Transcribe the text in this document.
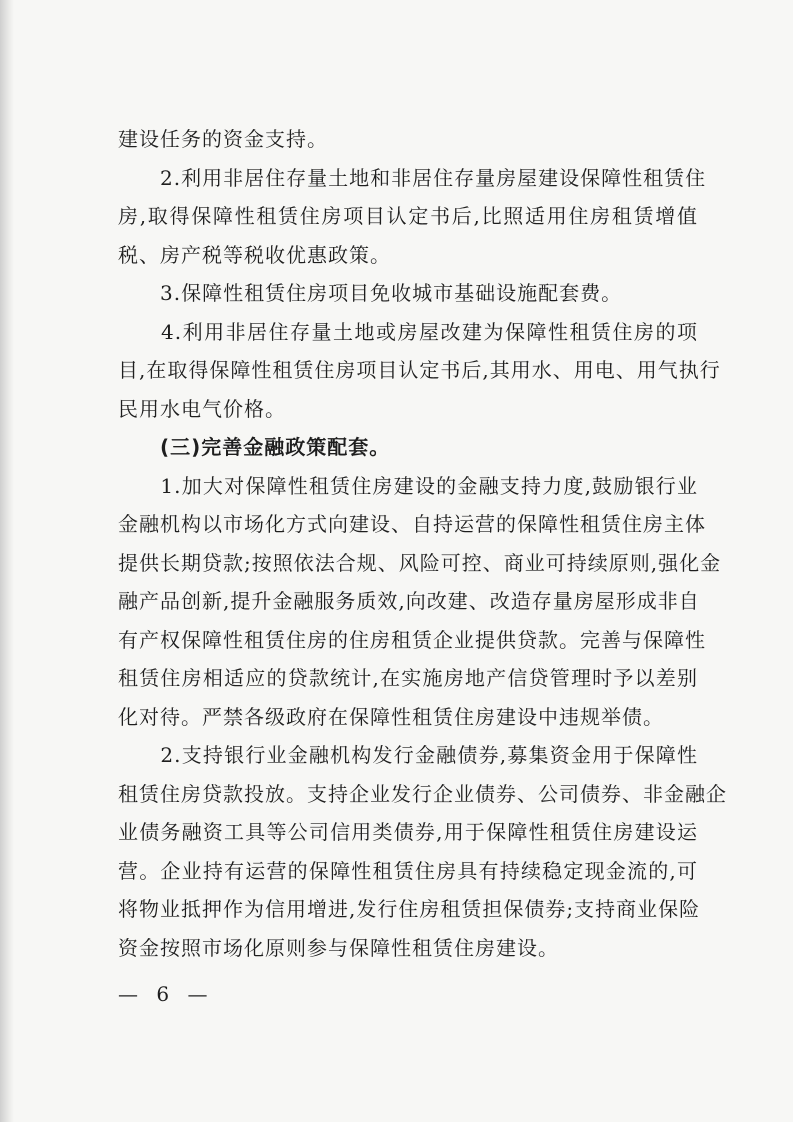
建设任务的资金支持。
　　2.利用非居住存量土地和非居住存量房屋建设保障性租赁住
房,取得保障性租赁住房项目认定书后,比照适用住房租赁增值
税、房产税等税收优惠政策。
　　3.保障性租赁住房项目免收城市基础设施配套费。
　　4.利用非居住存量土地或房屋改建为保障性租赁住房的项
目,在取得保障性租赁住房项目认定书后,其用水、用电、用气执行
民用水电气价格。
　　(三)完善金融政策配套。
　　1.加大对保障性租赁住房建设的金融支持力度,鼓励银行业
金融机构以市场化方式向建设、自持运营的保障性租赁住房主体
提供长期贷款;按照依法合规、风险可控、商业可持续原则,强化金
融产品创新,提升金融服务质效,向改建、改造存量房屋形成非自
有产权保障性租赁住房的住房租赁企业提供贷款。完善与保障性
租赁住房相适应的贷款统计,在实施房地产信贷管理时予以差别
化对待。严禁各级政府在保障性租赁住房建设中违规举债。
　　2.支持银行业金融机构发行金融债券,募集资金用于保障性
租赁住房贷款投放。支持企业发行企业债券、公司债券、非金融企
业债务融资工具等公司信用类债券,用于保障性租赁住房建设运
营。企业持有运营的保障性租赁住房具有持续稳定现金流的,可
将物业抵押作为信用增进,发行住房租赁担保债券;支持商业保险
资金按照市场化原则参与保障性租赁住房建设。
— 6 —
